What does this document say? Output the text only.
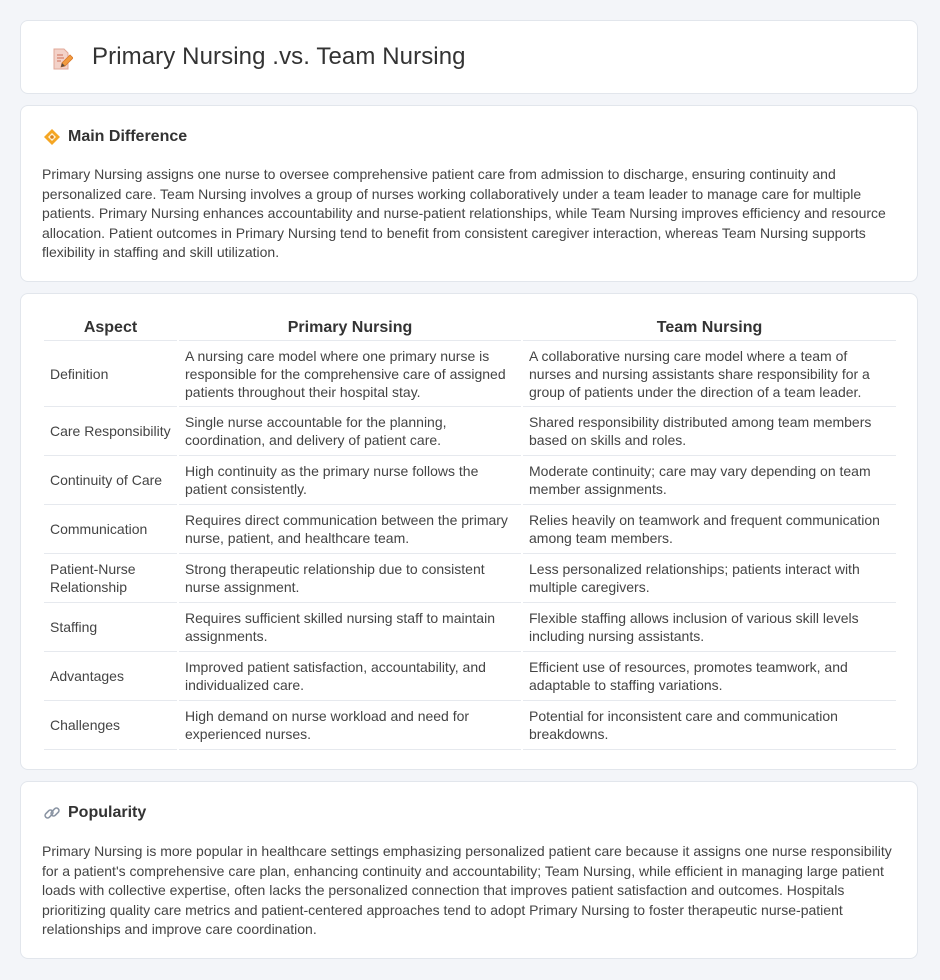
Primary Nursing .vs. Team Nursing
Main Difference

Primary Nursing assigns one nurse to oversee comprehensive patient care from admission to discharge, ensuring continuity and personalized care. Team Nursing involves a group of nurses working collaboratively under a team leader to manage care for multiple patients. Primary Nursing enhances accountability and nurse-patient relationships, while Team Nursing improves efficiency and resource allocation. Patient outcomes in Primary Nursing tend to benefit from consistent caregiver interaction, whereas Team Nursing supports flexibility in staffing and skill utilization.

Aspect	Primary Nursing	Team Nursing
Definition	A nursing care model where one primary nurse is responsible for the comprehensive care of assigned patients throughout their hospital stay.	A collaborative nursing care model where a team of nurses and nursing assistants share responsibility for a group of patients under the direction of a team leader.
Care Responsibility	Single nurse accountable for the planning, coordination, and delivery of patient care.	Shared responsibility distributed among team members based on skills and roles.
Continuity of Care	High continuity as the primary nurse follows the patient consistently.	Moderate continuity; care may vary depending on team member assignments.
Communication	Requires direct communication between the primary nurse, patient, and healthcare team.	Relies heavily on teamwork and frequent communication among team members.
Patient-Nurse Relationship	Strong therapeutic relationship due to consistent nurse assignment.	Less personalized relationships; patients interact with multiple caregivers.
Staffing	Requires sufficient skilled nursing staff to maintain assignments.	Flexible staffing allows inclusion of various skill levels including nursing assistants.
Advantages	Improved patient satisfaction, accountability, and individualized care.	Efficient use of resources, promotes teamwork, and adaptable to staffing variations.
Challenges	High demand on nurse workload and need for experienced nurses.	Potential for inconsistent care and communication breakdowns.
Popularity

Primary Nursing is more popular in healthcare settings emphasizing personalized patient care because it assigns one nurse responsibility for a patient's comprehensive care plan, enhancing continuity and accountability; Team Nursing, while efficient in managing large patient loads with collective expertise, often lacks the personalized connection that improves patient satisfaction and outcomes. Hospitals prioritizing quality care metrics and patient-centered approaches tend to adopt Primary Nursing to foster therapeutic nurse-patient relationships and improve care coordination.
